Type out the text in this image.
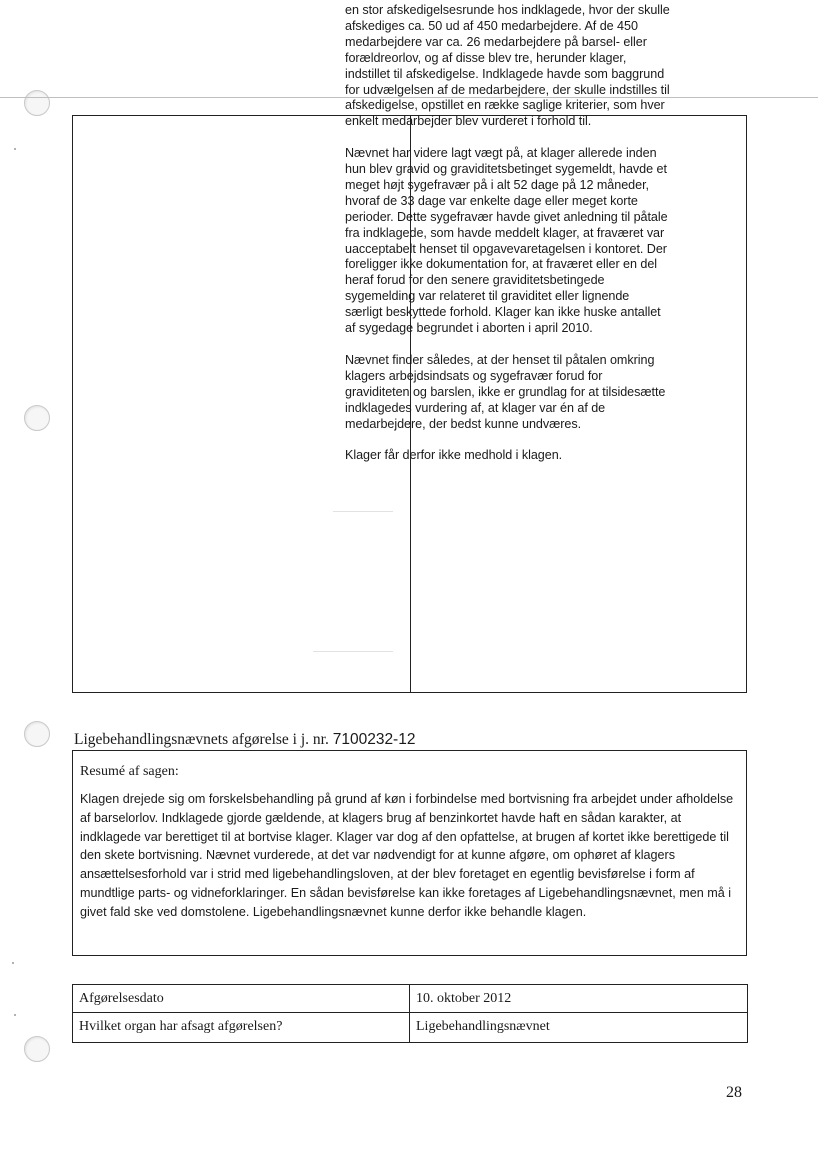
en stor afskedigelsesrunde hos indklagede, hvor der skulle afskediges ca. 50 ud af 450 medarbejdere. Af de 450 medarbejdere var ca. 26 medarbejdere på barsel- eller forældreorlov, og af disse blev tre, herunder klager, indstillet til afskedigelse. Indklagede havde som baggrund for udvælgelsen af de medarbejdere, der skulle indstilles til afskedigelse, opstillet en række saglige kriterier, som hver enkelt medarbejder blev vurderet i forhold til.

Nævnet har videre lagt vægt på, at klager allerede inden hun blev gravid og graviditetsbetinget sygemeldt, havde et meget højt sygefravær på i alt 52 dage på 12 måneder, hvoraf de 33 dage var enkelte dage eller meget korte perioder. Dette sygefravær havde givet anledning til påtale fra indklagede, som havde meddelt klager, at fraværet var uacceptabelt henset til opgavevaretagelsen i kontoret. Der foreligger ikke dokumentation for, at fraværet eller en del heraf forud for den senere graviditetsbetingede sygemelding var relateret til graviditet eller lignende særligt beskyttede forhold. Klager kan ikke huske antallet af sygedage begrundet i aborten i april 2010.

Nævnet finder således, at der henset til påtalen omkring klagers arbejdsindsats og sygefravær forud for graviditeten og barslen, ikke er grundlag for at tilsidesætte indklagedes vurdering af, at klager var én af de medarbejdere, der bedst kunne undværes.

Klager får derfor ikke medhold i klagen.

Ligebehandlingsnævnets afgørelse i j. nr. 7100232-12
Resumé af sagen:
Klagen drejede sig om forskelsbehandling på grund af køn i forbindelse med bortvisning fra arbejdet under afholdelse af barselorlov. Indklagede gjorde gældende, at klagers brug af benzinkortet havde haft en sådan karakter, at indklagede var berettiget til at bortvise klager. Klager var dog af den opfattelse, at brugen af kortet ikke berettigede til den skete bortvisning. Nævnet vurderede, at det var nødvendigt for at kunne afgøre, om ophøret af klagers ansættelsesforhold var i strid med ligebehandlingsloven, at der blev foretaget en egentlig bevisførelse i form af mundtlige parts- og vidneforklaringer. En sådan bevisførelse kan ikke foretages af Ligebehandlingsnævnet, men må i givet fald ske ved domstolene. Ligebehandlingsnævnet kunne derfor ikke behandle klagen.
Afgørelsesdato	10. oktober 2012
Hvilket organ har afsagt afgørelsen?	Ligebehandlingsnævnet
28
